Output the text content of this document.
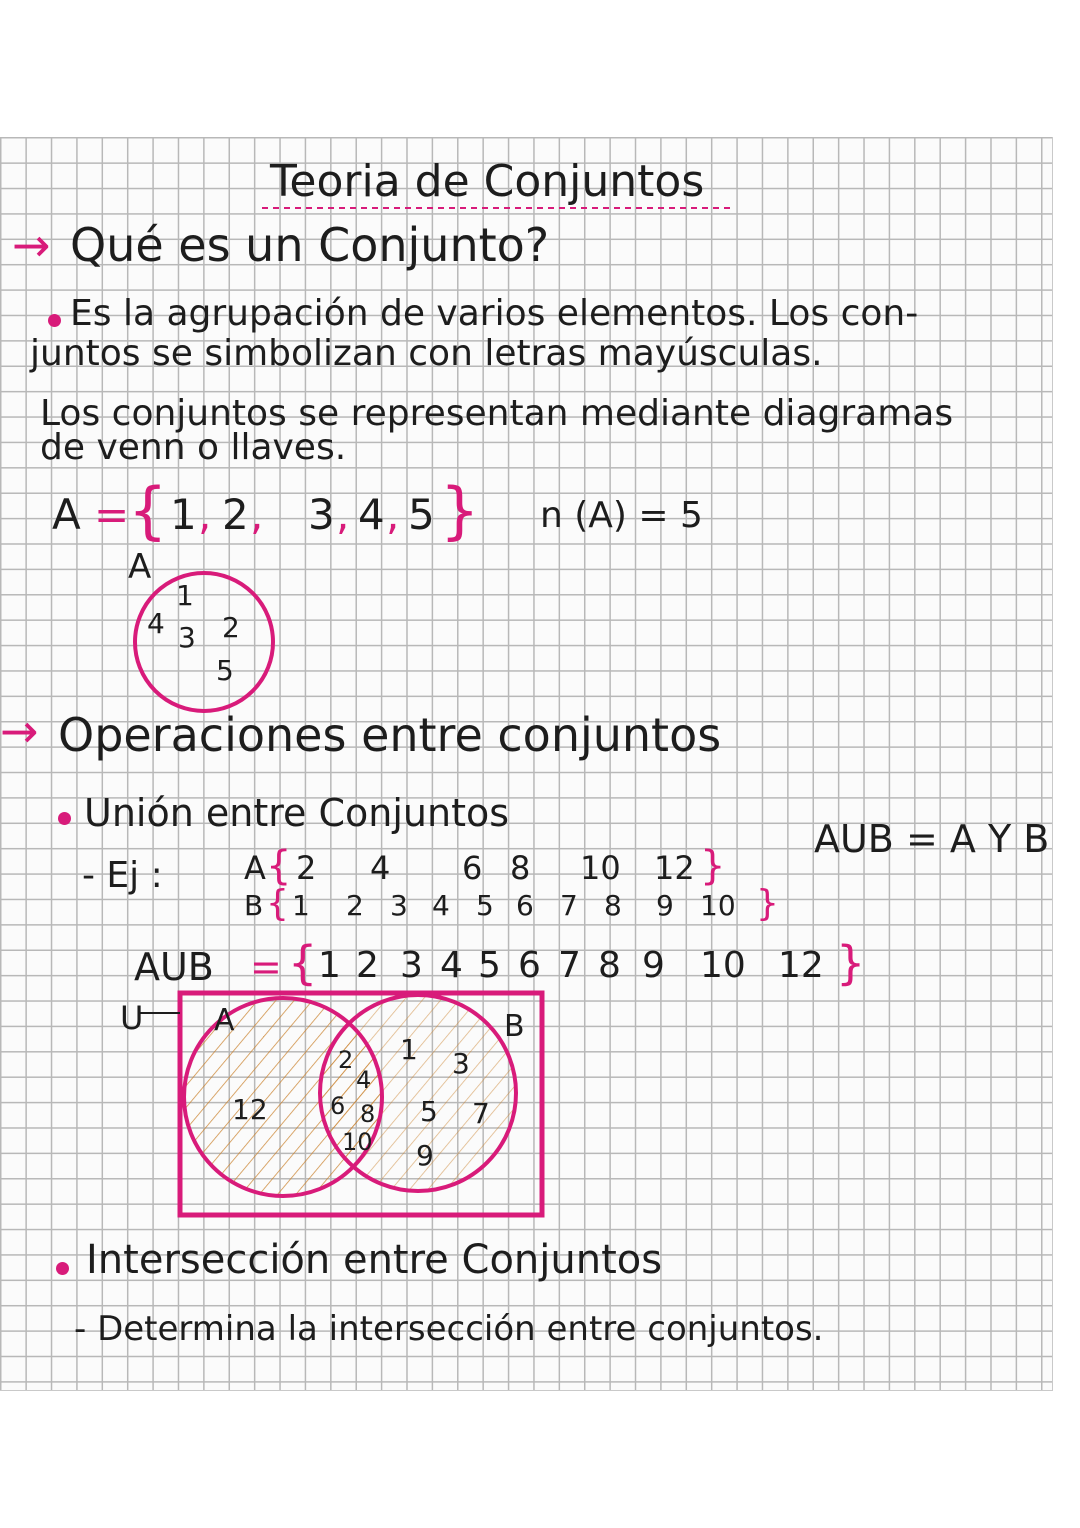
Teoria de Conjuntos
→ Qué es un Conjunto?
Es la agrupación de varios elementos. Los con-
juntos se simbolizan con letras mayúsculas.
Los conjuntos se representan mediante diagramas
de venn o llaves.
A =
{ 1 , 2 , 3 , 4 , 5 } n (A) = 5
A
1
4 3 2
5
→ Operaciones entre conjuntos
Unión entre Conjuntos
AUB = A Y B
- Ej :	A { 2 4 6 8 10 12 }
B { 1 2 3 4 5 6 7 8 9 10 }
AUB = { 1 2 3 4 5 6 7 8 9 10 12 }
U A	B
12
2
4
6 8
10
1 3
5 7
9
Intersección entre Conjuntos
- Determina la intersección entre conjuntos.
